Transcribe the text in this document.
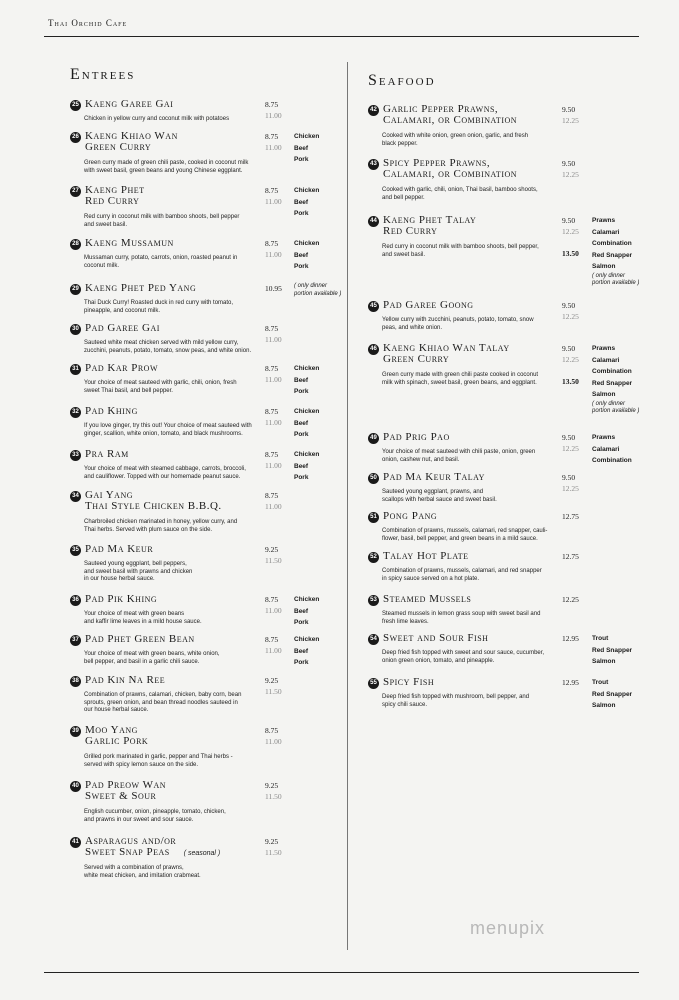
Thai Orchid Cafe
Entrees	Seafood
25 Kaeng Garee Gai
Chicken in yellow curry and coconut milk with potatoes
8.75
11.00
26 Kaeng Khiao Wan
Green Curry
Green curry made of green chili paste, cooked in coconut milk
with sweet basil, green beans and young Chinese eggplant.
8.75
11.00
Chicken
Beef
Pork
27 Kaeng Phet
Red Curry
Red curry in coconut milk with bamboo shoots, bell pepper
and sweet basil.
8.75
11.00
Chicken
Beef
Pork
28 Kaeng Mussamun
Mussaman curry, potato, carrots, onion, roasted peanut in
coconut milk.
8.75
11.00
Chicken
Beef
Pork
29 Kaeng Phet Ped Yang
Thai Duck Curry! Roasted duck in red curry with tomato,
pineapple, and coconut milk.
10.95 ( only dinner
portion available )
30 Pad Garee Gai
Sauteed white meat chicken served with mild yellow curry,
zucchini, peanuts, potato, tomato, snow peas, and white onion.
8.75
11.00
31 Pad Kar Prow
Your choice of meat sauteed with garlic, chili, onion, fresh
sweet Thai basil, and bell pepper.
8.75
11.00
Chicken
Beef
Pork
32 Pad Khing
If you love ginger, try this out! Your choice of meat sauteed with
ginger, scallion, white onion, tomato, and black mushrooms.
8.75
11.00
Chicken
Beef
Pork
33 Pra Ram
Your choice of meat with steamed cabbage, carrots, broccoli,
and cauliflower. Topped with our homemade peanut sauce.
8.75
11.00
Chicken
Beef
Pork
34 Gai Yang
Thai Style Chicken B.B.Q.
Charbroiled chicken marinated in honey, yellow curry, and
Thai herbs. Served with plum sauce on the side.
8.75
11.00
35 Pad Ma Keur
Sauteed young eggplant, bell peppers,
and sweet basil with prawns and chicken
in our house herbal sauce.
9.25
11.50
36 Pad Pik Khing
Your choice of meat with green beans
and kaffir lime leaves in a mild house sauce.
8.75
11.00
Chicken
Beef
Pork
37 Pad Phet Green Bean
Your choice of meat with green beans, white onion,
bell pepper, and basil in a garlic chili sauce.
8.75
11.00
Chicken
Beef
Pork
38 Pad Kin Na Ree
Combination of prawns, calamari, chicken, baby corn, bean
sprouts, green onion, and bean thread noodles sauteed in
our house herbal sauce.
9.25
11.50
39 Moo Yang
Garlic Pork
Grilled pork marinated in garlic, pepper and Thai herbs -
served with spicy lemon sauce on the side.
8.75
11.00
40 Pad Preow Wan
Sweet & Sour
English cucumber, onion, pineapple, tomato, chicken,
and prawns in our sweet and sour sauce.
9.25
11.50
41 Asparagus and/or
Sweet Snap Peas ( seasonal )
Served with a combination of prawns,
white meat chicken, and imitation crabmeat.
9.25
11.50
42 Garlic Pepper Prawns,
Calamari, or Combination
Cooked with white onion, green onion, garlic, and fresh
black pepper.
9.50
12.25
43 Spicy Pepper Prawns,
Calamari, or Combination
Cooked with garlic, chili, onion, Thai basil, bamboo shoots,
and bell pepper.
9.50
12.25
44 Kaeng Phet Talay
Red Curry
Red curry in coconut milk with bamboo shoots, bell pepper,
and sweet basil.
9.50
12.25
13.50
Prawns
Calamari
Combination
Red Snapper
Salmon
( only dinner
portion available )
45 Pad Garee Goong
Yellow curry with zucchini, peanuts, potato, tomato, snow
peas, and white onion.
9.50
12.25
46 Kaeng Khiao Wan Talay
Green Curry
Green curry made with green chili paste cooked in coconut
milk with spinach, sweet basil, green beans, and eggplant.
9.50
12.25
13.50
Prawns
Calamari
Combination
Red Snapper
Salmon
( only dinner
portion available )
49 Pad Prig Pao
Your choice of meat sauteed with chili paste, onion, green
onion, cashew nut, and basil.
9.50
12.25
Prawns
Calamari
Combination
50 Pad Ma Keur Talay
Sauteed young eggplant, prawns, and
scallops with herbal sauce and sweet basil.
9.50
12.25
51 Pong Pang
Combination of prawns, mussels, calamari, red snapper, cauli-
flower, basil, bell pepper, and green beans in a mild sauce.
12.75
52 Talay Hot Plate
Combination of prawns, mussels, calamari, and red snapper
in spicy sauce served on a hot plate.
12.75
53 Steamed Mussels
Steamed mussels in lemon grass soup with sweet basil and
fresh lime leaves.
12.25
54 Sweet and Sour Fish
Deep fried fish topped with sweet and sour sauce, cucumber,
onion green onion, tomato, and pineapple.
12.95 Trout
Red Snapper
Salmon
55 Spicy Fish
Deep fried fish topped with mushroom, bell pepper, and
spicy chili sauce.
12.95 Trout
Red Snapper
Salmon
menupix
